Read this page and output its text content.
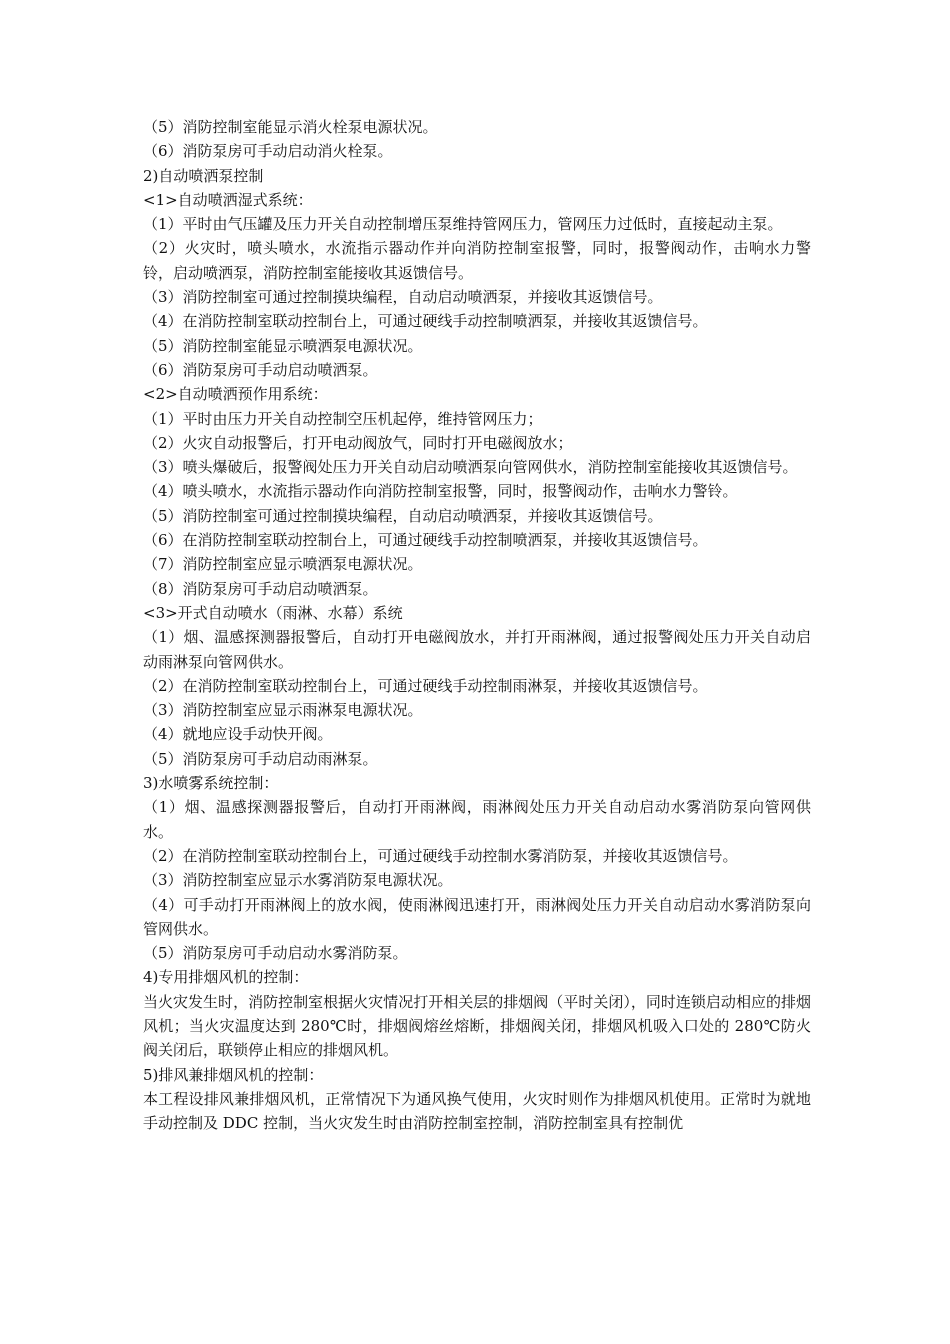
（5）消防控制室能显示消火栓泵电源状况。

（6）消防泵房可手动启动消火栓泵。

2)自动喷洒泵控制

<1>自动喷洒湿式系统：

（1）平时由气压罐及压力开关自动控制增压泵维持管网压力，管网压力过低时，直接起动主泵。

（2）火灾时，喷头喷水，水流指示器动作并向消防控制室报警，同时，报警阀动作，击响水力警铃，启动喷洒泵，消防控制室能接收其返馈信号。

（3）消防控制室可通过控制摸块编程，自动启动喷洒泵，并接收其返馈信号。

（4）在消防控制室联动控制台上，可通过硬线手动控制喷洒泵，并接收其返馈信号。

（5）消防控制室能显示喷洒泵电源状况。

（6）消防泵房可手动启动喷洒泵。

<2>自动喷洒预作用系统：

（1）平时由压力开关自动控制空压机起停，维持管网压力；

（2）火灾自动报警后，打开电动阀放气，同时打开电磁阀放水；

（3）喷头爆破后，报警阀处压力开关自动启动喷洒泵向管网供水，消防控制室能接收其返馈信号。

（4）喷头喷水，水流指示器动作向消防控制室报警，同时，报警阀动作，击响水力警铃。

（5）消防控制室可通过控制摸块编程，自动启动喷洒泵，并接收其返馈信号。

（6）在消防控制室联动控制台上，可通过硬线手动控制喷洒泵，并接收其返馈信号。

（7）消防控制室应显示喷洒泵电源状况。

（8）消防泵房可手动启动喷洒泵。

<3>开式自动喷水（雨淋、水幕）系统

（1）烟、温感探测器报警后，自动打开电磁阀放水，并打开雨淋阀，通过报警阀处压力开关自动启动雨淋泵向管网供水。

（2）在消防控制室联动控制台上，可通过硬线手动控制雨淋泵，并接收其返馈信号。

（3）消防控制室应显示雨淋泵电源状况。

（4）就地应设手动快开阀。

（5）消防泵房可手动启动雨淋泵。

3)水喷雾系统控制：

（1）烟、温感探测器报警后，自动打开雨淋阀，雨淋阀处压力开关自动启动水雾消防泵向管网供水。

（2）在消防控制室联动控制台上，可通过硬线手动控制水雾消防泵，并接收其返馈信号。

（3）消防控制室应显示水雾消防泵电源状况。

（4）可手动打开雨淋阀上的放水阀，使雨淋阀迅速打开，雨淋阀处压力开关自动启动水雾消防泵向管网供水。

（5）消防泵房可手动启动水雾消防泵。

4)专用排烟风机的控制：

当火灾发生时，消防控制室根据火灾情况打开相关层的排烟阀（平时关闭），同时连锁启动相应的排烟风机；当火灾温度达到 280℃时，排烟阀熔丝熔断，排烟阀关闭，排烟风机吸入口处的 280℃防火阀关闭后，联锁停止相应的排烟风机。

5)排风兼排烟风机的控制：

本工程设排风兼排烟风机，正常情况下为通风换气使用，火灾时则作为排烟风机使用。正常时为就地手动控制及 DDC 控制，当火灾发生时由消防控制室控制，消防控制室具有控制优
